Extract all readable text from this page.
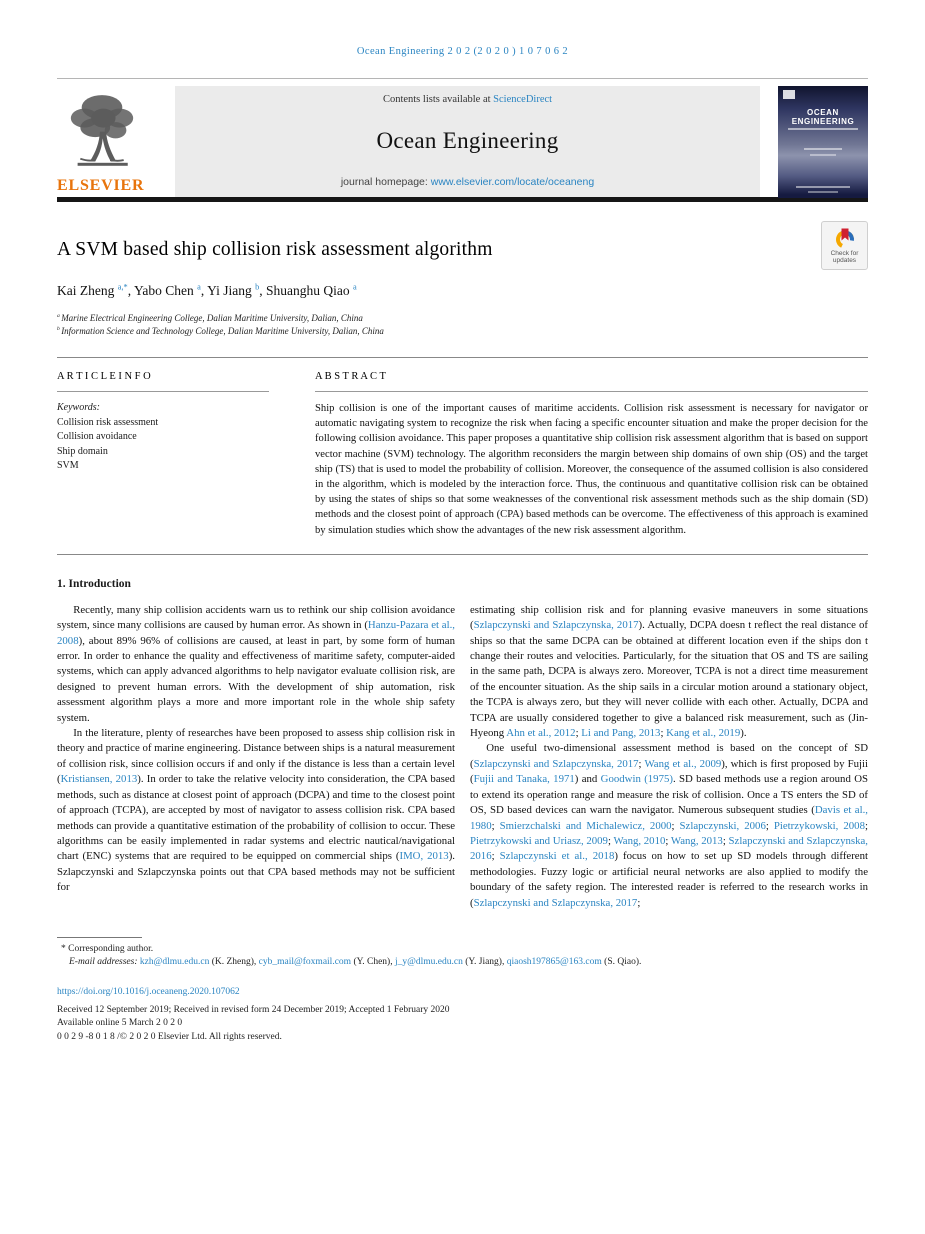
Ocean Engineering 2 0 2 (2 0 2 0 ) 1 0 7 0 6 2
ELSEVIER
Contents lists available at ScienceDirect
Ocean Engineering
journal homepage: www.elsevier.com/locate/oceaneng
OCEAN ENGINEERING
A SVM based ship collision risk assessment algorithm	Check for updates
Kai Zheng $^{a,*}$, Yabo Chen $^a$, Yi Jiang $^b$, Shuanghu Qiao $^a$
$^a$ Marine Electrical Engineering College, Dalian Maritime University, Dalian, China
$^b$ Information Science and Technology College, Dalian Maritime University, Dalian, China
A R T I C L E I N F O
Keywords:
Collision risk assessment
Collision avoidance
Ship domain
SVM
A B S T R A C T
Ship collision is one of the important causes of maritime accidents. Collision risk assessment is necessary for navigator or automatic navigating system to recognize the risk when facing a specific encounter situation and make the proper decision for the following collision avoidance. This paper proposes a quantitative ship collision risk assessment algorithm that is based on support vector machine (SVM) technology. The algorithm reconsiders the margin between ship domains of own ship (OS) and the target ship (TS) that is used to model the probability of collision. Moreover, the consequence of the assumed collision is also considered in the algorithm, which is modeled by the interaction force. Thus, the continuous and quantitative collision risk can be obtained by using the states of ships so that some weaknesses of the conventional risk assessment methods such as the ship domain (SD) methods and the closest point of approach (CPA) based methods can be overcome. The effectiveness of this approach is examined by simulation studies which show the advantages of the new risk assessment algorithm.
1. Introduction

Recently, many ship collision accidents warn us to rethink our ship collision avoidance system, since many collisions are caused by human error. As shown in (Hanzu-Pazara et al., 2008), about 89% 96% of collisions are caused, at least in part, by some form of human error. In order to enhance the quality and effectiveness of maritime safety, computer-aided systems, which can apply advanced algorithms to help navigator evaluate collision risk, are designed to prevent human errors. With the development of ship automation, risk assessment algorithm plays a more and more important role in the whole ship safety system.

In the literature, plenty of researches have been proposed to assess ship collision risk in theory and practice of marine engineering. Distance between ships is a natural measurement of collision risk, since collision occurs if and only if the distance is less than a certain level (Kristiansen, 2013). In order to take the relative velocity into consideration, the CPA based methods, such as distance at closest point of approach (DCPA) and time to the closest point of approach (TCPA), are accepted by most of navigator to assess collision risk. CPA based methods can provide a quantitative estimation of the probability of collision to occur. These algorithms can be easily implemented in radar systems and electric nautical/navigational chart (ENC) systems that are required to be equipped on commercial ships (IMO, 2013). Szlapczynski and Szlapczynska points out that CPA based methods may not be sufficient for

estimating ship collision risk and for planning evasive maneuvers in some situations (Szlapczynski and Szlapczynska, 2017). Actually, DCPA doesn t reflect the real distance of ships so that the same DCPA can be obtained at different location even if the ships don t change their routes and velocities. Particularly, for the situation that OS and TS are sailing in the same path, DCPA is always zero. Moreover, TCPA is not a direct time measurement of the encounter situation. As the ship sails in a circular motion around a stationary object, the TCPA is always zero, but they will never collide with each other. Actually, DCPA and TCPA are usually considered together to give a balanced risk measurement, such as (Jin-Hyeong Ahn et al., 2012; Li and Pang, 2013; Kang et al., 2019).

One useful two-dimensional assessment method is based on the concept of SD (Szlapczynski and Szlapczynska, 2017; Wang et al., 2009), which is first proposed by Fujii (Fujii and Tanaka, 1971) and Goodwin (1975). SD based methods use a region around OS to extend its operation range and measure the risk of collision. Once a TS enters the SD of OS, SD based devices can warn the navigator. Numerous subsequent studies (Davis et al., 1980; Smierzchalski and Michalewicz, 2000; Szlapczynski, 2006; Pietrzykowski, 2008; Pietrzykowski and Uriasz, 2009; Wang, 2010; Wang, 2013; Szlapczynski and Szlapczynska, 2016; Szlapczynski et al., 2018) focus on how to set up SD models through different methodologies. Fuzzy logic or artificial neural networks are also applied to modify the boundary of the safety region. The interested reader is referred to the research works in (Szlapczynski and Szlapczynska, 2017;

* Corresponding author.
E-mail addresses: kzh@dlmu.edu.cn (K. Zheng), cyb_mail@foxmail.com (Y. Chen), j_y@dlmu.edu.cn (Y. Jiang), qiaosh197865@163.com (S. Qiao).
https://doi.org/10.1016/j.oceaneng.2020.107062
Received 12 September 2019; Received in revised form 24 December 2019; Accepted 1 February 2020
Available online 5 March 2 0 2 0
0 0 2 9 -8 0 1 8 /© 2 0 2 0 Elsevier Ltd. All rights reserved.
